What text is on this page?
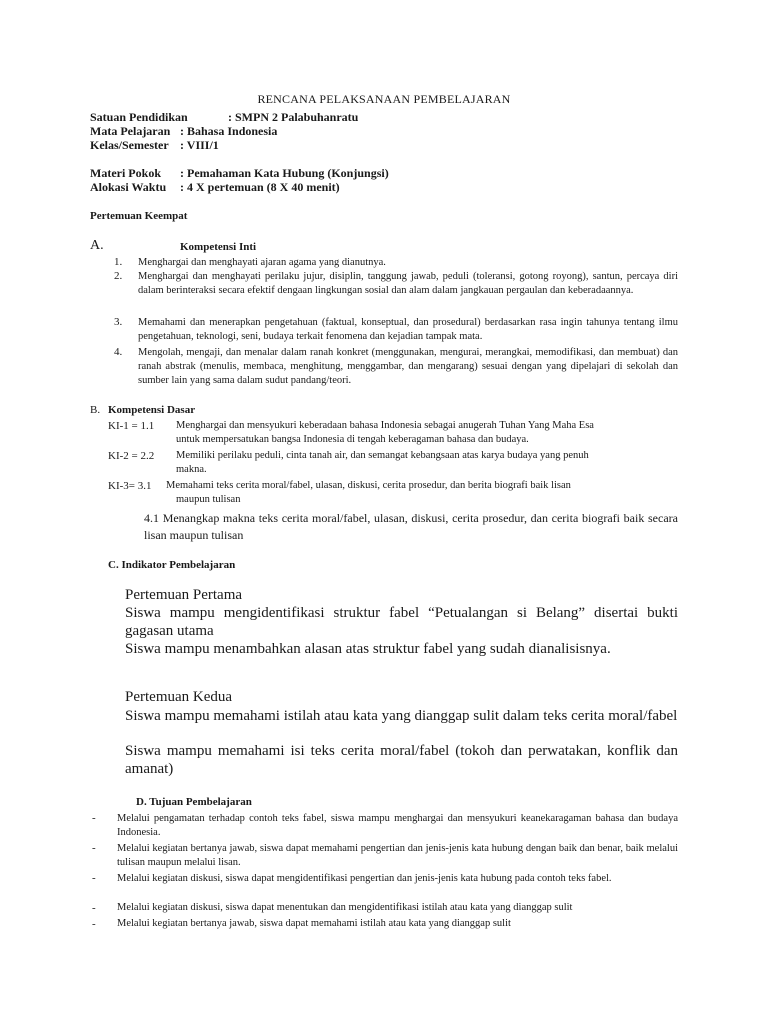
RENCANA PELAKSANAAN PEMBELAJARAN
Satuan Pendidikan	: SMPN 2 Palabuhanratu
Mata Pelajaran : Bahasa Indonesia
Kelas/Semester : VIII/1
Materi Pokok : Pemahaman Kata Hubung (Konjungsi)
Alokasi Waktu : 4 X pertemuan (8 X 40 menit)
Pertemuan Keempat
A.	Kompetensi Inti
1. Menghargai dan menghayati ajaran agama yang dianutnya.
2. Menghargai dan menghayati perilaku jujur, disiplin, tanggung jawab, peduli (toleransi, gotong royong), santun, percaya diri dalam berinteraksi secara efektif dengaan lingkungan sosial dan alam dalam jangkauan pergaulan dan keberadaannya.
3. Memahami dan menerapkan pengetahuan (faktual, konseptual, dan prosedural) berdasarkan rasa ingin tahunya tentang ilmu pengetahuan, teknologi, seni, budaya terkait fenomena dan kejadian tampak mata.
4. Mengolah, mengaji, dan menalar dalam ranah konkret (menggunakan, mengurai, merangkai, memodifikasi, dan membuat) dan ranah abstrak (menulis, membaca, menghitung, menggambar, dan mengarang) sesuai dengan yang dipelajari di sekolah dan sumber lain yang sama dalam sudut pandang/teori.
B. Kompetensi Dasar
KI-1 = 1.1 Menghargai dan mensyukuri keberadaan bahasa Indonesia sebagai anugerah Tuhan Yang Maha Esa
untuk mempersatukan bangsa Indonesia di tengah keberagaman bahasa dan budaya.
KI-2 = 2.2 Memiliki perilaku peduli, cinta tanah air, dan semangat kebangsaan atas karya budaya yang penuh
makna.
KI-3= 3.1 Memahami teks cerita moral/fabel, ulasan, diskusi, cerita prosedur, dan berita biografi baik lisan
maupun tulisan
4.1 Menangkap makna teks cerita moral/fabel, ulasan, diskusi, cerita prosedur, dan cerita biografi baik secara lisan maupun tulisan
C. Indikator Pembelajaran
Pertemuan Pertama
Siswa mampu mengidentifikasi struktur fabel “Petualangan si Belang” disertai bukti gagasan utama
Siswa mampu menambahkan alasan atas struktur fabel yang sudah dianalisisnya.
Pertemuan Kedua
Siswa mampu memahami istilah atau kata yang dianggap sulit dalam teks cerita moral/fabel
Siswa mampu memahami isi teks cerita moral/fabel (tokoh dan perwatakan, konflik dan amanat)
D. Tujuan Pembelajaran
- Melalui pengamatan terhadap contoh teks fabel, siswa mampu menghargai dan mensyukuri keanekaragaman bahasa dan budaya Indonesia.
- Melalui kegiatan bertanya jawab, siswa dapat memahami pengertian dan jenis-jenis kata hubung dengan baik dan benar, baik melalui tulisan maupun melalui lisan.
- Melalui kegiatan diskusi, siswa dapat mengidentifikasi pengertian dan jenis-jenis kata hubung pada contoh teks fabel.
- Melalui kegiatan diskusi, siswa dapat menentukan dan mengidentifikasi istilah atau kata yang dianggap sulit
- Melalui kegiatan bertanya jawab, siswa dapat memahami istilah atau kata yang dianggap sulit
